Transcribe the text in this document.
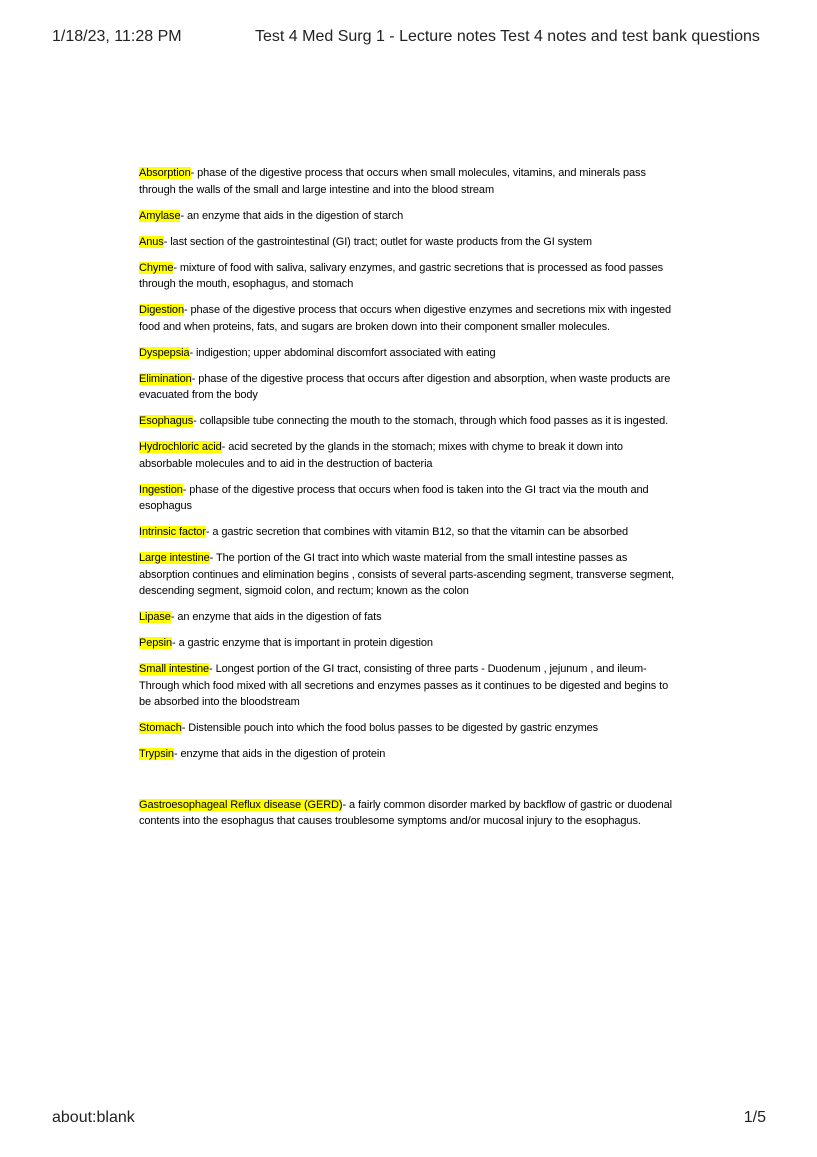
1/18/23, 11:28 PM	Test 4 Med Surg 1 - Lecture notes Test 4 notes and test bank questions
Absorption- phase of the digestive process that occurs when small molecules, vitamins, and minerals pass through the walls of the small and large intestine and into the blood stream
Amylase- an enzyme that aids in the digestion of starch
Anus- last section of the gastrointestinal (GI) tract; outlet for waste products from the GI system
Chyme- mixture of food with saliva, salivary enzymes, and gastric secretions that is processed as food passes through the mouth, esophagus, and stomach
Digestion- phase of the digestive process that occurs when digestive enzymes and secretions mix with ingested food and when proteins, fats, and sugars are broken down into their component smaller molecules.
Dyspepsia- indigestion; upper abdominal discomfort associated with eating
Elimination- phase of the digestive process that occurs after digestion and absorption, when waste products are evacuated from the body
Esophagus- collapsible tube connecting the mouth to the stomach, through which food passes as it is ingested.
Hydrochloric acid- acid secreted by the glands in the stomach; mixes with chyme to break it down into absorbable molecules and to aid in the destruction of bacteria
Ingestion- phase of the digestive process that occurs when food is taken into the GI tract via the mouth and esophagus
Intrinsic factor- a gastric secretion that combines with vitamin B12, so that the vitamin can be absorbed
Large intestine- The portion of the GI tract into which waste material from the small intestine passes as absorption continues and elimination begins , consists of several parts-ascending segment, transverse segment, descending segment, sigmoid colon, and rectum; known as the colon
Lipase- an enzyme that aids in the digestion of fats
Pepsin- a gastric enzyme that is important in protein digestion
Small intestine- Longest portion of the GI tract, consisting of three parts - Duodenum , jejunum , and ileum- Through which food mixed with all secretions and enzymes passes as it continues to be digested and begins to be absorbed into the bloodstream
Stomach- Distensible pouch into which the food bolus passes to be digested by gastric enzymes
Trypsin- enzyme that aids in the digestion of protein
Gastroesophageal Reflux disease (GERD)- a fairly common disorder marked by backflow of gastric or duodenal contents into the esophagus that causes troublesome symptoms and/or mucosal injury to the esophagus.
about:blank	1/5
